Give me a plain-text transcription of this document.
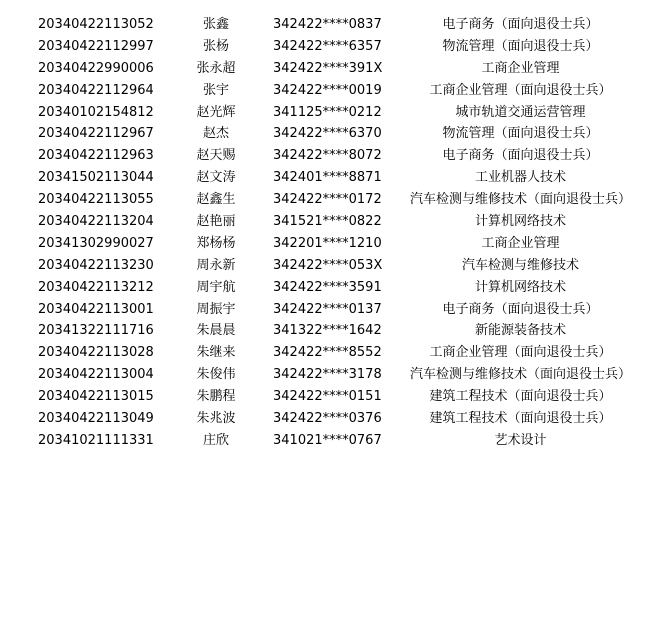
20340422113052	张鑫	342422****0837	电子商务（面向退役士兵）
20340422112997	张杨	342422****6357	物流管理（面向退役士兵）
20340422990006	张永超	342422****391X	工商企业管理
20340422112964	张宇	342422****0019	工商企业管理（面向退役士兵）
20340102154812	赵光辉	341125****0212	城市轨道交通运营管理
20340422112967	赵杰	342422****6370	物流管理（面向退役士兵）
20340422112963	赵天赐	342422****8072	电子商务（面向退役士兵）
20341502113044	赵文涛	342401****8871	工业机器人技术
20340422113055	赵鑫生	342422****0172	汽车检测与维修技术（面向退役士兵）
20340422113204	赵艳丽	341521****0822	计算机网络技术
20341302990027	郑杨杨	342201****1210	工商企业管理
20340422113230	周永新	342422****053X	汽车检测与维修技术
20340422113212	周宇航	342422****3591	计算机网络技术
20340422113001	周振宇	342422****0137	电子商务（面向退役士兵）
20341322111716	朱晨晨	341322****1642	新能源装备技术
20340422113028	朱继来	342422****8552	工商企业管理（面向退役士兵）
20340422113004	朱俊伟	342422****3178	汽车检测与维修技术（面向退役士兵）
20340422113015	朱鹏程	342422****0151	建筑工程技术（面向退役士兵）
20340422113049	朱兆波	342422****0376	建筑工程技术（面向退役士兵）
20341021111331	庄欣	341021****0767	艺术设计
